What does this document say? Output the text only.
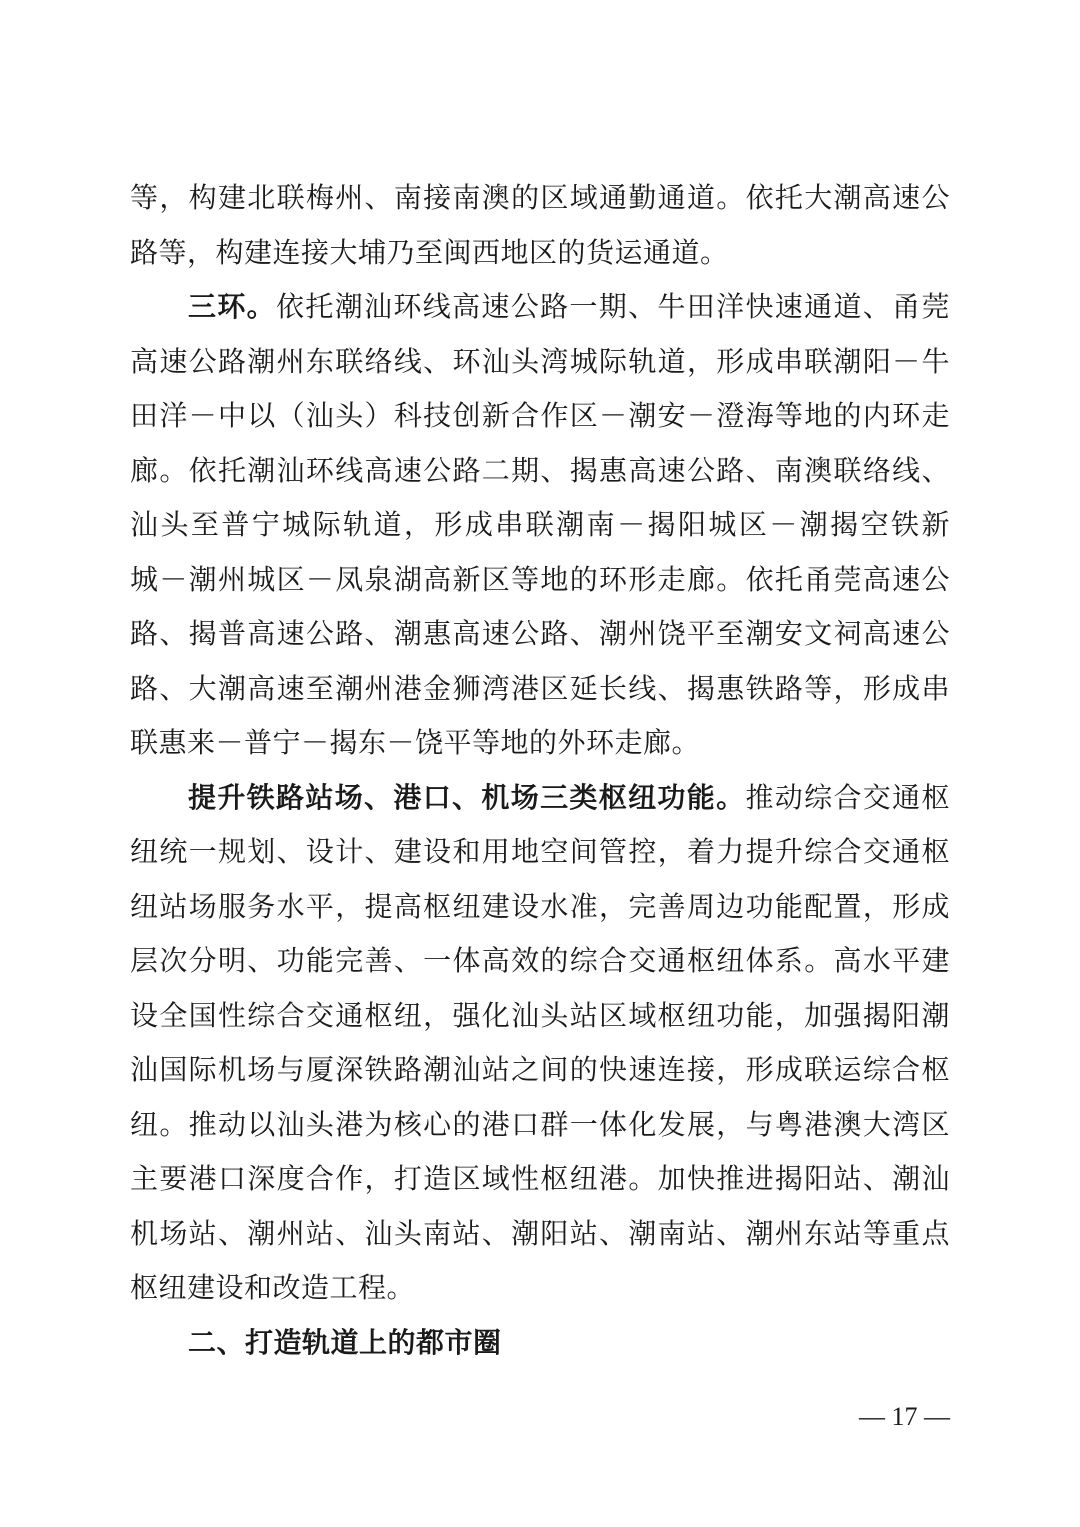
等，构建北联梅州、南接南澳的区域通勤通道。依托大潮高速公
路等，构建连接大埔乃至闽西地区的货运通道。
三环。依托潮汕环线高速公路一期、牛田洋快速通道、甬莞
高速公路潮州东联络线、环汕头湾城际轨道，形成串联潮阳－牛
田洋－中以（汕头）科技创新合作区－潮安－澄海等地的内环走
廊。依托潮汕环线高速公路二期、揭惠高速公路、南澳联络线、
汕头至普宁城际轨道，形成串联潮南－揭阳城区－潮揭空铁新
城－潮州城区－凤泉湖高新区等地的环形走廊。依托甬莞高速公
路、揭普高速公路、潮惠高速公路、潮州饶平至潮安文祠高速公
路、大潮高速至潮州港金狮湾港区延长线、揭惠铁路等，形成串
联惠来－普宁－揭东－饶平等地的外环走廊。
提升铁路站场、港口、机场三类枢纽功能。推动综合交通枢
纽统一规划、设计、建设和用地空间管控，着力提升综合交通枢
纽站场服务水平，提高枢纽建设水准，完善周边功能配置，形成
层次分明、功能完善、一体高效的综合交通枢纽体系。高水平建
设全国性综合交通枢纽，强化汕头站区域枢纽功能，加强揭阳潮
汕国际机场与厦深铁路潮汕站之间的快速连接，形成联运综合枢
纽。推动以汕头港为核心的港口群一体化发展，与粤港澳大湾区
主要港口深度合作，打造区域性枢纽港。加快推进揭阳站、潮汕
机场站、潮州站、汕头南站、潮阳站、潮南站、潮州东站等重点
枢纽建设和改造工程。
二、打造轨道上的都市圈
— 17 —
